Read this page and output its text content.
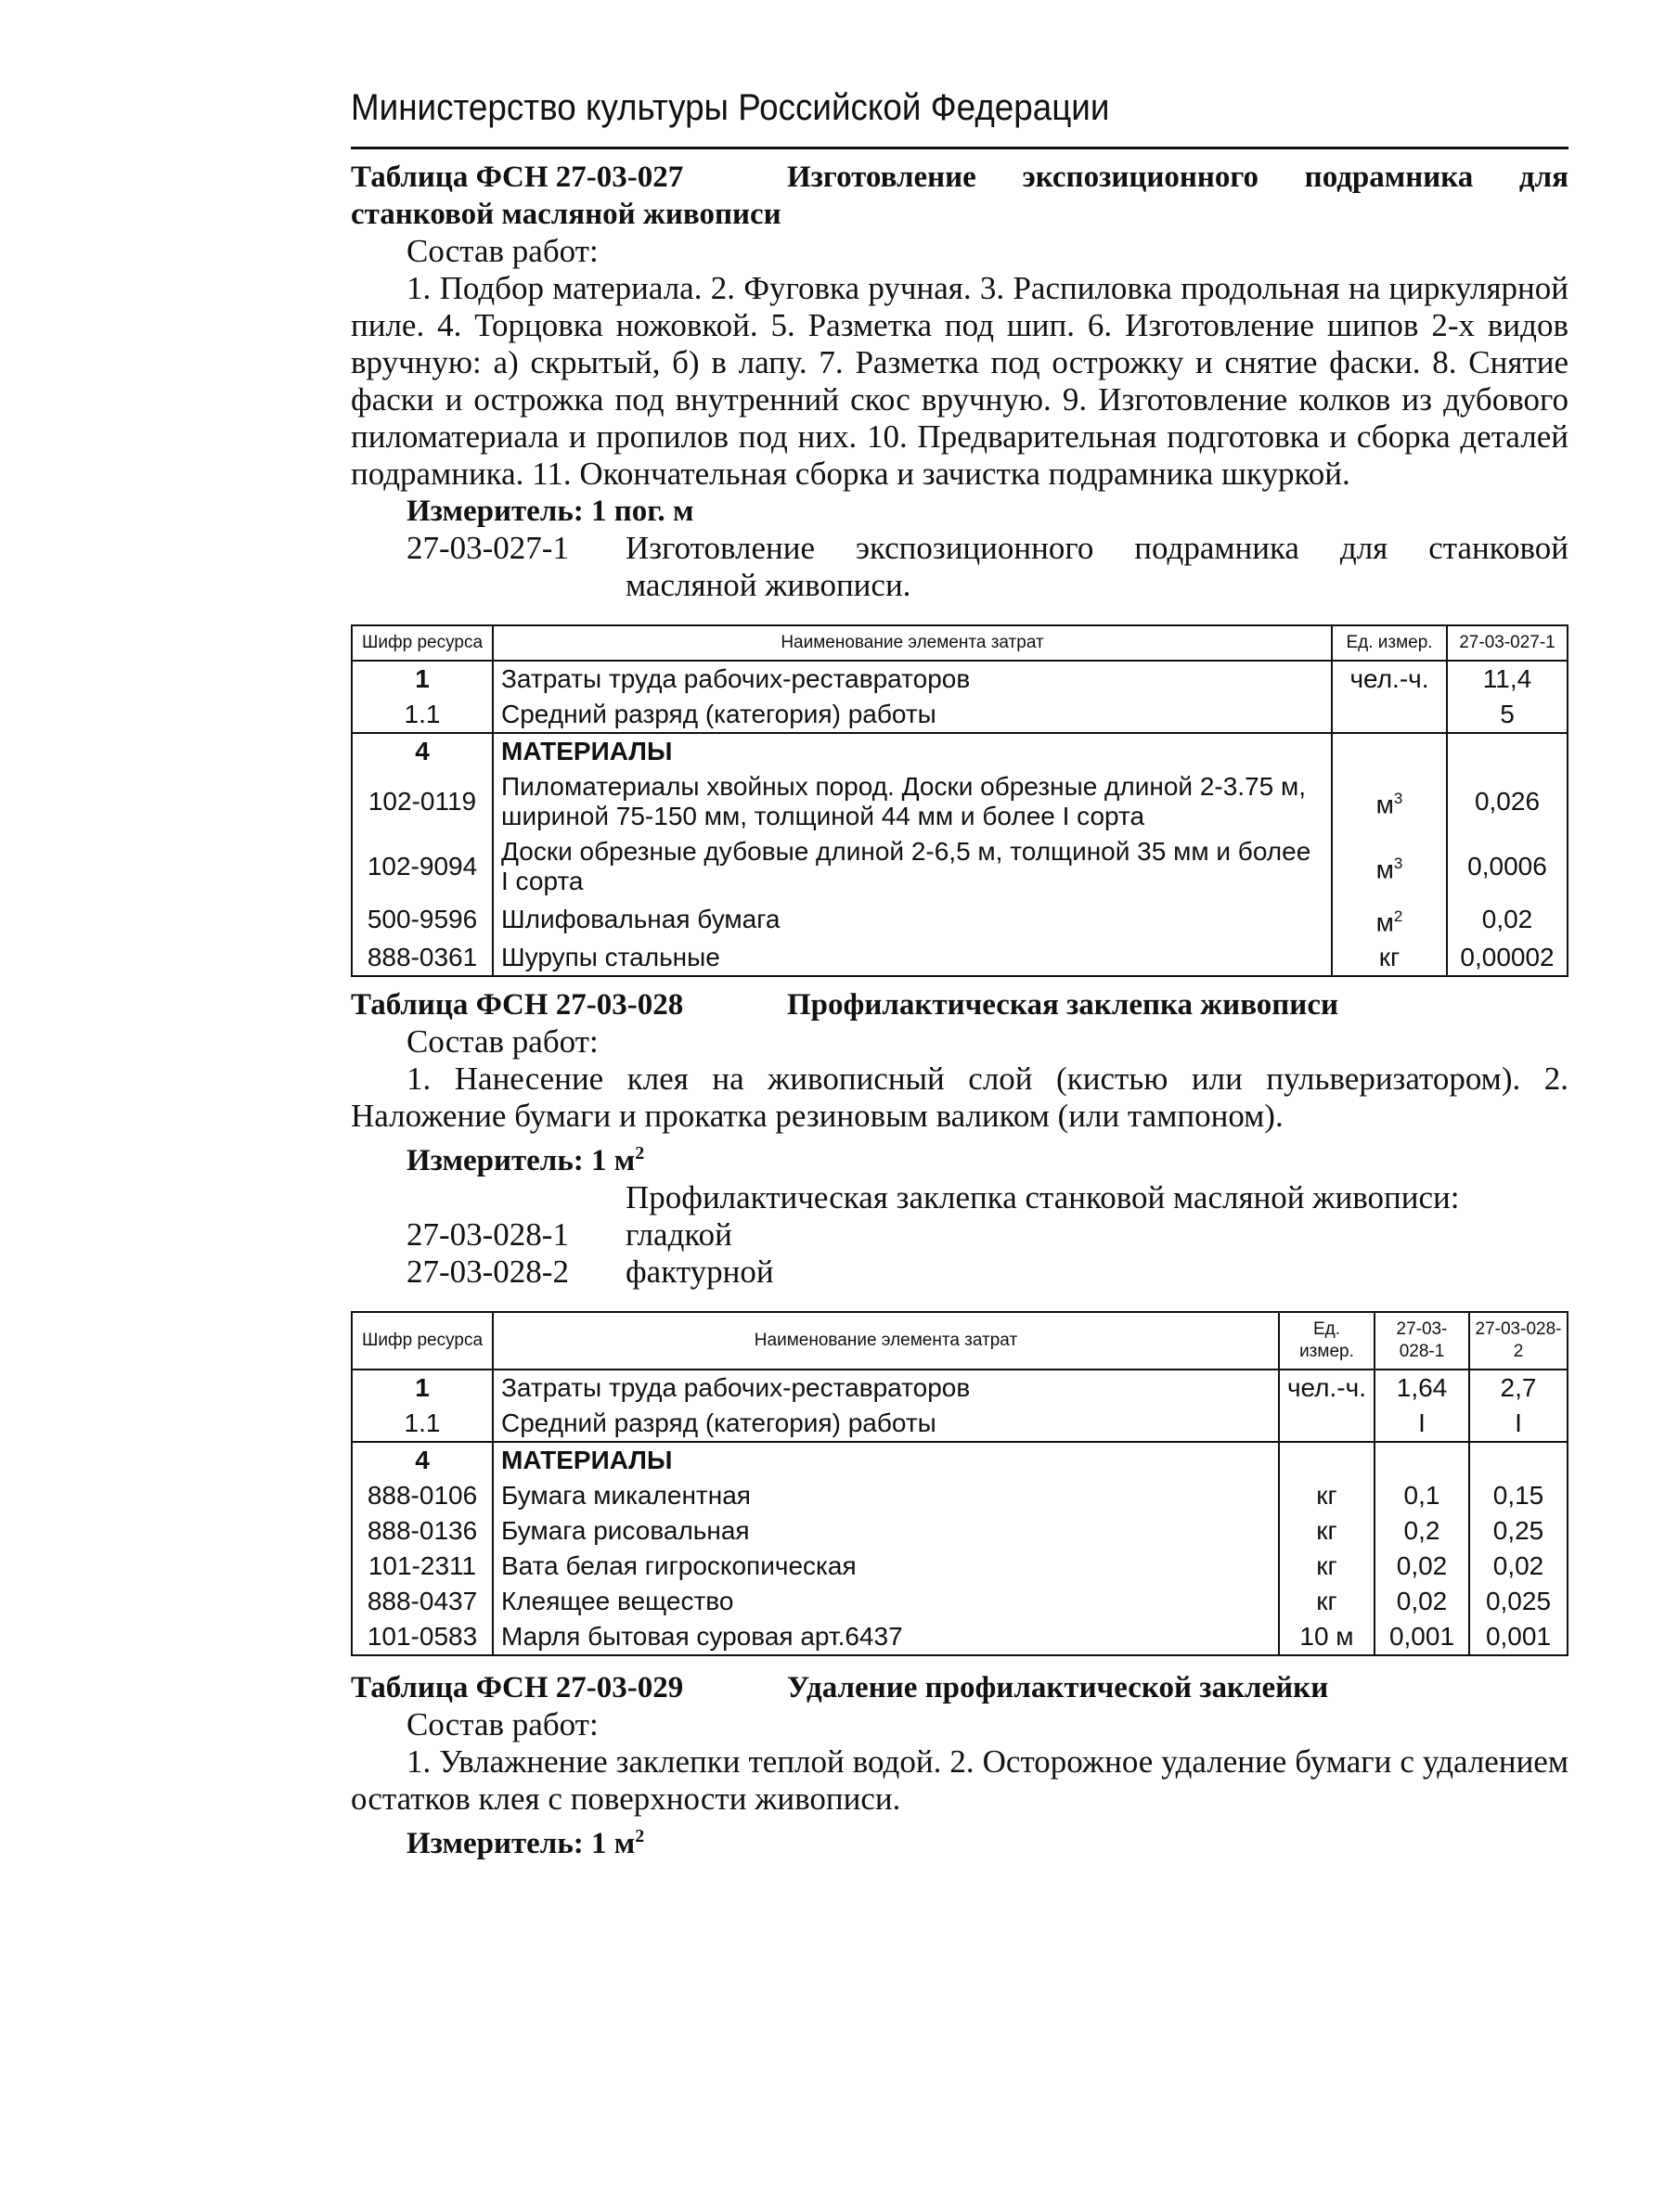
Министерство культуры Российской Федерации
Таблица ФСН 27-03-027	Изготовление экспозиционного подрамника для
станковой масляной живописи
Состав работ:
1. Подбор материала. 2. Фуговка ручная. 3. Распиловка продольная на циркулярной пиле. 4. Торцовка ножовкой. 5. Разметка под шип. 6. Изготовление шипов 2-х видов вручную: а) скрытый, б) в лапу. 7. Разметка под острожку и снятие фаски. 8. Снятие фаски и острожка под внутренний скос вручную. 9. Изготовление колков из дубового пиломатериала и пропилов под них. 10. Предварительная подготовка и сборка деталей подрамника. 11. Окончательная сборка и зачистка подрамника шкуркой.
Измеритель: 1 пог. м
27-03-027-1	Изготовление экспозиционного подрамника для станковой масляной живописи.
Шифр ресурса	Наименование элемента затрат	Ед. измер.	27-03-027-1
1	Затраты труда рабочих-реставраторов	чел.-ч.	11,4
1.1	Средний разряд (категория) работы		5
4	МАТЕРИАЛЫ		
102-0119	Пиломатериалы хвойных пород. Доски обрезные длиной 2-3.75 м, шириной 75-150 мм, толщиной 44 мм и более I сорта	$м^3$	0,026
102-9094	Доски обрезные дубовые длиной 2-6,5 м, толщиной 35 мм и более I сорта	$м^3$	0,0006
500-9596	Шлифовальная бумага	$м^2$	0,02
888-0361	Шурупы стальные	кг	0,00002
Таблица ФСН 27-03-028	Профилактическая заклепка живописи
Состав работ:
1. Нанесение клея на живописный слой (кистью или пульверизатором). 2. Наложение бумаги и прокатка резиновым валиком (или тампоном).
Измеритель: 1 $м^2$
Профилактическая заклепка станковой масляной живописи:
27-03-028-1	гладкой
27-03-028-2	фактурной
Шифр ресурса	Наименование элемента затрат	Ед. измер.	27-03-028-1	27-03-028-2
1	Затраты труда рабочих-реставраторов	чел.-ч.	1,64	2,7
1.1	Средний разряд (категория) работы		I	I
4	МАТЕРИАЛЫ			
888-0106	Бумага микалентная	кг	0,1	0,15
888-0136	Бумага рисовальная	кг	0,2	0,25
101-2311	Вата белая гигроскопическая	кг	0,02	0,02
888-0437	Клеящее вещество	кг	0,02	0,025
101-0583	Марля бытовая суровая арт.6437	10 м	0,001	0,001
Таблица ФСН 27-03-029	Удаление профилактической заклейки
Состав работ:
1. Увлажнение заклепки теплой водой. 2. Осторожное удаление бумаги с удалением остатков клея с поверхности живописи.
Измеритель: 1 $м^2$
